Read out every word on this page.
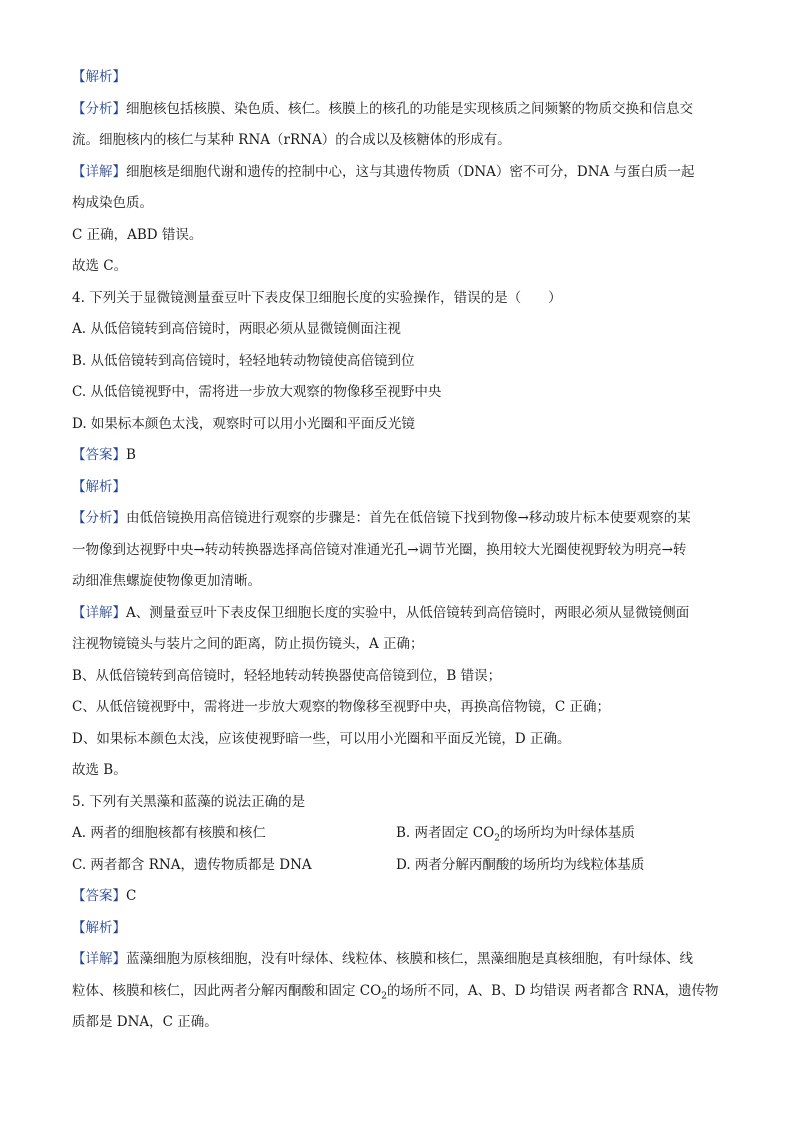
【解析】
【分析】细胞核包括核膜、染色质、核仁。核膜上的核孔的功能是实现核质之间频繁的物质交换和信息交
流。细胞核内的核仁与某种 RNA（rRNA）的合成以及核糖体的形成有。
【详解】细胞核是细胞代谢和遗传的控制中心，这与其遗传物质（DNA）密不可分，DNA 与蛋白质一起
构成染色质。
C 正确，ABD 错误。
故选 C。
4. 下列关于显微镜测量蚕豆叶下表皮保卫细胞长度的实验操作，错误的是（　　）
A. 从低倍镜转到高倍镜时，两眼必须从显微镜侧面注视
B. 从低倍镜转到高倍镜时，轻轻地转动物镜使高倍镜到位
C. 从低倍镜视野中，需将进一步放大观察的物像移至视野中央
D. 如果标本颜色太浅，观察时可以用小光圈和平面反光镜
【答案】B
【解析】
【分析】由低倍镜换用高倍镜进行观察的步骤是：首先在低倍镜下找到物像→移动玻片标本使要观察的某
一物像到达视野中央→转动转换器选择高倍镜对准通光孔→调节光圈，换用较大光圈使视野较为明亮→转
动细准焦螺旋使物像更加清晰。
【详解】A、测量蚕豆叶下表皮保卫细胞长度的实验中，从低倍镜转到高倍镜时，两眼必须从显微镜侧面
注视物镜镜头与装片之间的距离，防止损伤镜头，A 正确；
B、从低倍镜转到高倍镜时，轻轻地转动转换器使高倍镜到位，B 错误；
C、从低倍镜视野中，需将进一步放大观察的物像移至视野中央，再换高倍物镜，C 正确；
D、如果标本颜色太浅，应该使视野暗一些，可以用小光圈和平面反光镜，D 正确。
故选 B。
5. 下列有关黑藻和蓝藻的说法正确的是
A. 两者的细胞核都有核膜和核仁	B. 两者固定 $CO_2$的场所均为叶绿体基质
C. 两者都含 RNA，遗传物质都是 DNA	D. 两者分解丙酮酸的场所均为线粒体基质
【答案】C
【解析】
【详解】蓝藻细胞为原核细胞，没有叶绿体、线粒体、核膜和核仁，黑藻细胞是真核细胞，有叶绿体、线
粒体、核膜和核仁，因此两者分解丙酮酸和固定 $CO_2$的场所不同，A、B、D 均错误 两者都含 RNA，遗传物
质都是 DNA，C 正确。
